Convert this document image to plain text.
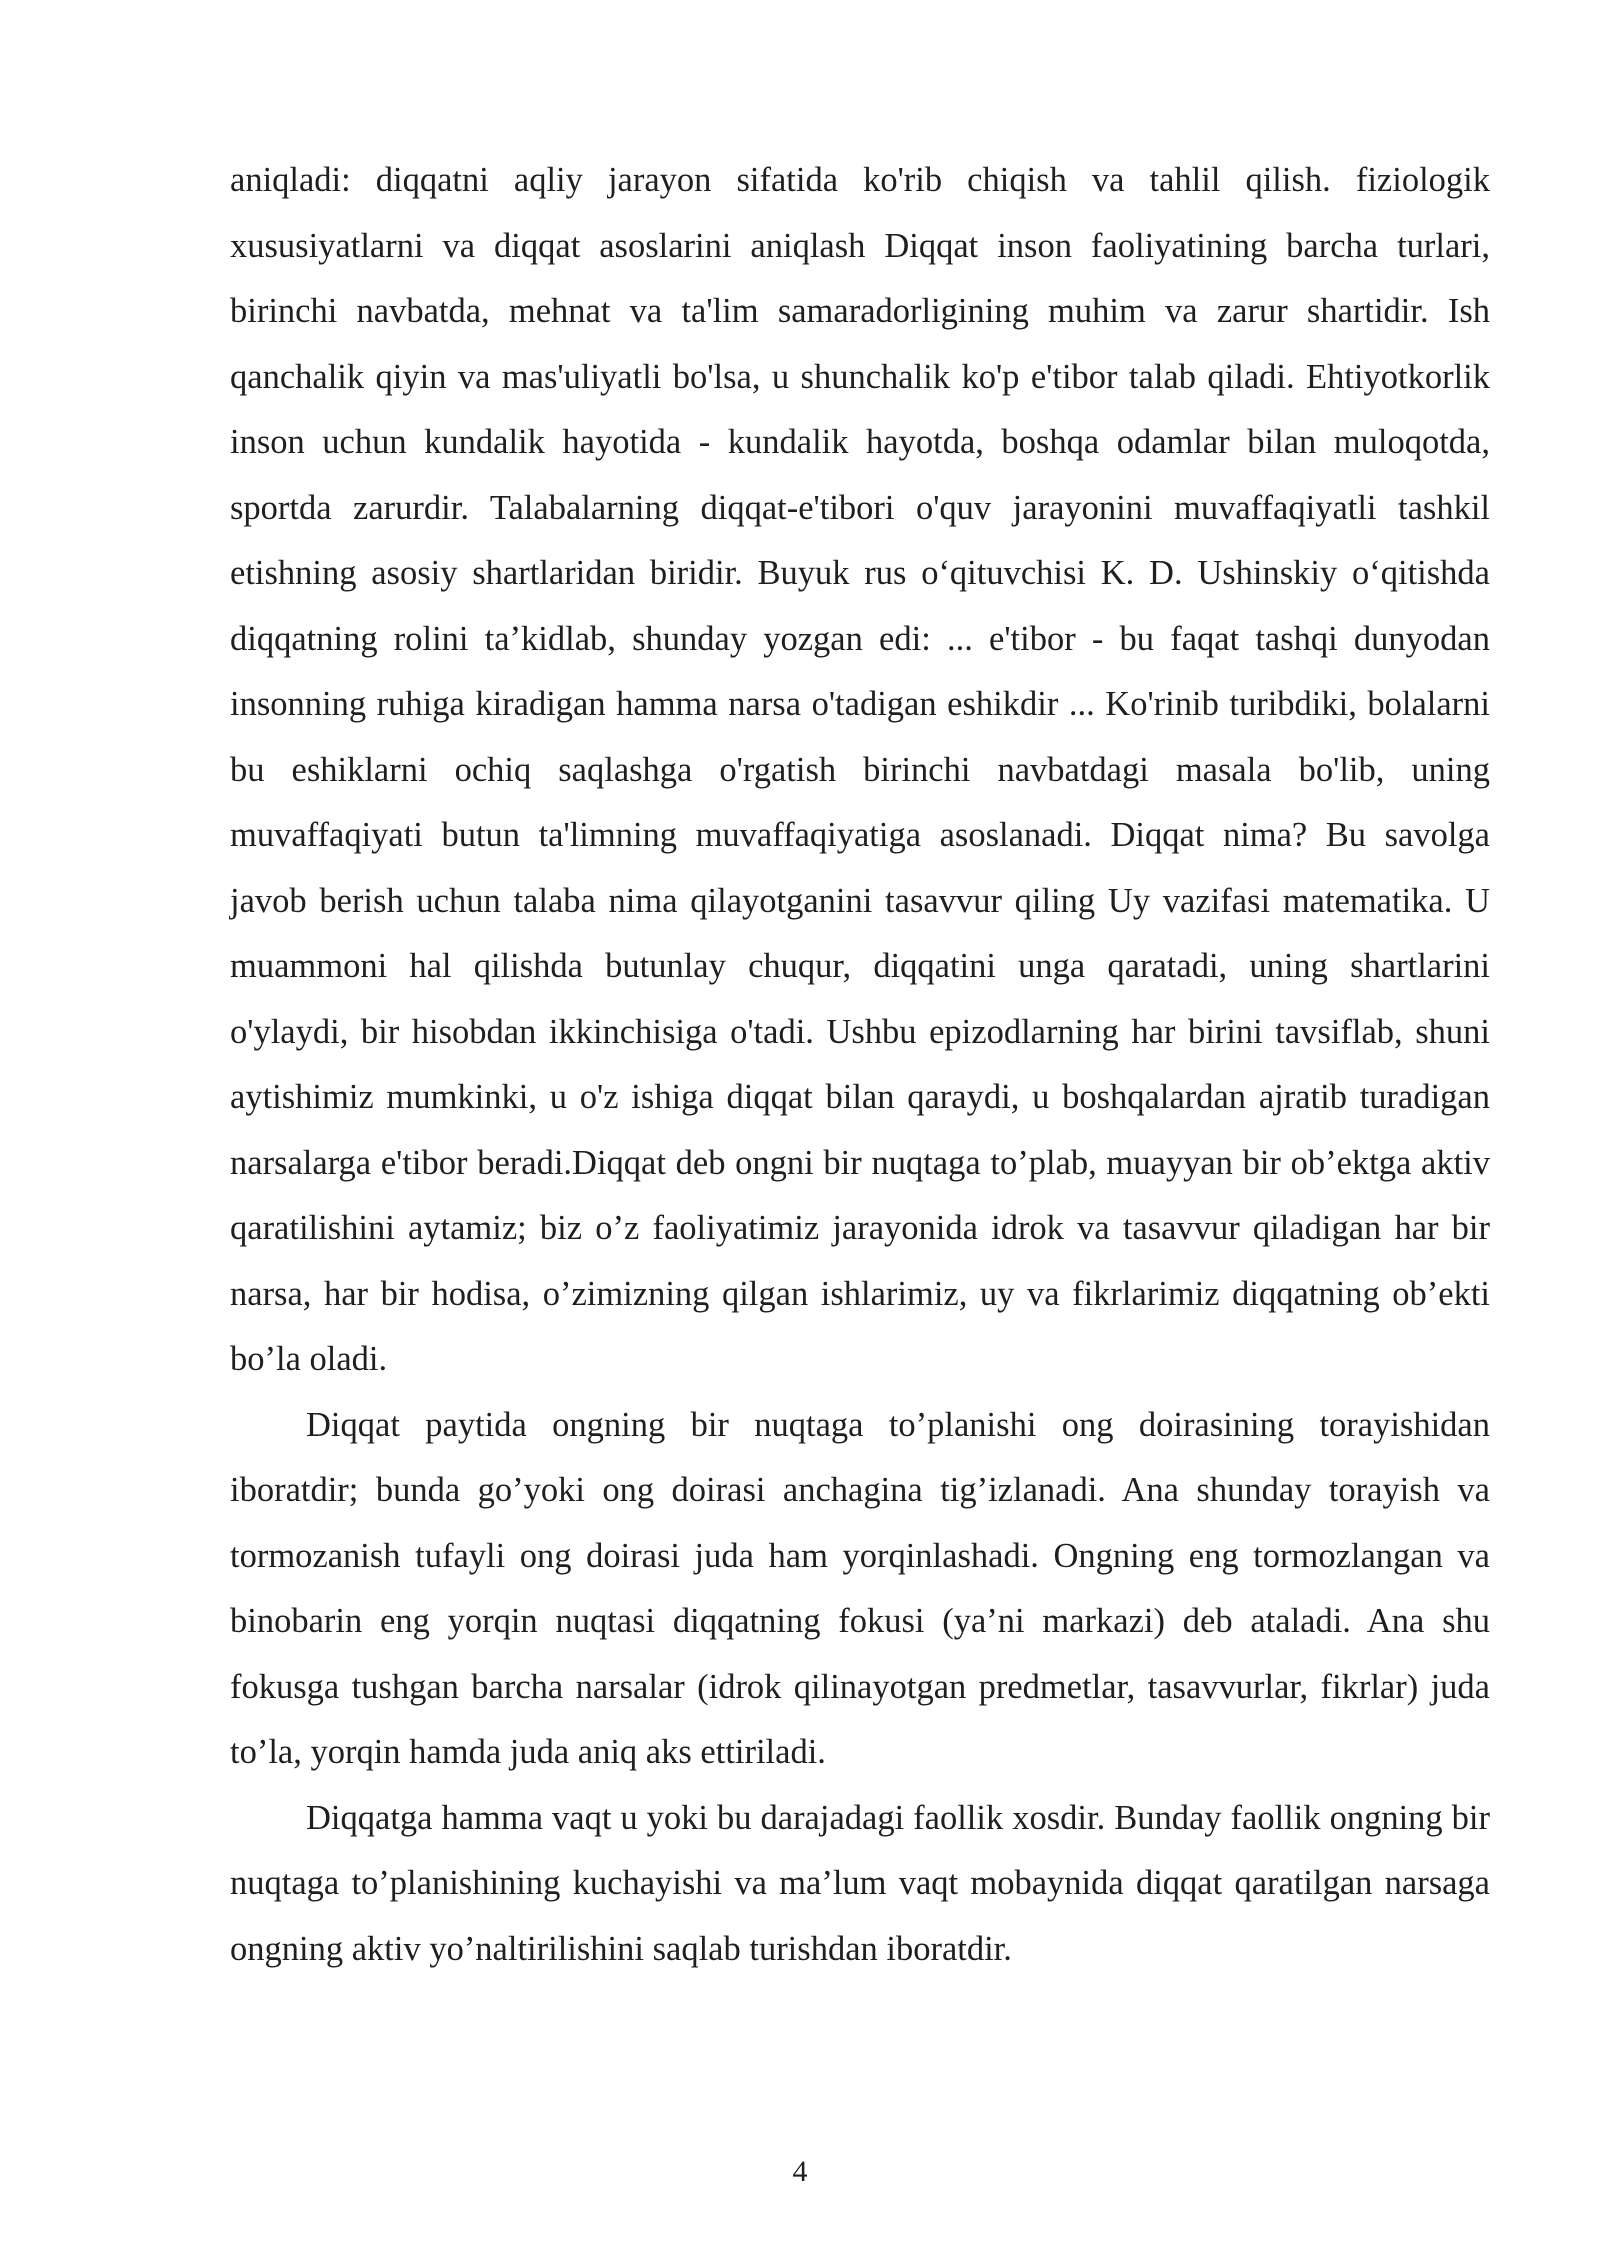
aniqladi: diqqatni aqliy jarayon sifatida ko'rib chiqish va tahlil qilish. fiziologik xususiyatlarni va diqqat asoslarini aniqlash Diqqat inson faoliyatining barcha turlari, birinchi navbatda, mehnat va ta'lim samaradorligining muhim va zarur shartidir. Ish qanchalik qiyin va mas'uliyatli bo'lsa, u shunchalik ko'p e'tibor talab qiladi. Ehtiyotkorlik inson uchun kundalik hayotida - kundalik hayotda, boshqa odamlar bilan muloqotda, sportda zarurdir. Talabalarning diqqat-e'tibori o'quv jarayonini muvaffaqiyatli tashkil etishning asosiy shartlaridan biridir. Buyuk rus oʻqituvchisi K. D. Ushinskiy oʻqitishda diqqatning rolini taʼkidlab, shunday yozgan edi: ... e'tibor - bu faqat tashqi dunyodan insonning ruhiga kiradigan hamma narsa o'tadigan eshikdir ... Ko'rinib turibdiki, bolalarni bu eshiklarni ochiq saqlashga o'rgatish birinchi navbatdagi masala bo'lib, uning muvaffaqiyati butun ta'limning muvaffaqiyatiga asoslanadi. Diqqat nima? Bu savolga javob berish uchun talaba nima qilayotganini tasavvur qiling Uy vazifasi matematika. U muammoni hal qilishda butunlay chuqur, diqqatini unga qaratadi, uning shartlarini o'ylaydi, bir hisobdan ikkinchisiga o'tadi. Ushbu epizodlarning har birini tavsiflab, shuni aytishimiz mumkinki, u o'z ishiga diqqat bilan qaraydi, u boshqalardan ajratib turadigan narsalarga e'tibor beradi.Diqqat deb ongni bir nuqtaga to’plab, muayyan bir ob’ektga aktiv qaratilishini aytamiz; biz o’z faoliyatimiz jarayonida idrok va tasavvur qiladigan har bir narsa, har bir hodisa, o’zimizning qilgan ishlarimiz, uy va fikrlarimiz diqqatning ob’ekti bo’la oladi.

Diqqat paytida ongning bir nuqtaga to’planishi ong doirasining torayishidan iboratdir; bunda go’yoki ong doirasi anchagina tig’izlanadi. Ana shunday torayish va tormozanish tufayli ong doirasi juda ham yorqinlashadi. Ongning eng tormozlangan va binobarin eng yorqin nuqtasi diqqatning fokusi (ya’ni markazi) deb ataladi. Ana shu fokusga tushgan barcha narsalar (idrok qilinayotgan predmetlar, tasavvurlar, fikrlar) juda to’la, yorqin hamda juda aniq aks ettiriladi.

Diqqatga hamma vaqt u yoki bu darajadagi faollik xosdir. Bunday faollik ongning bir nuqtaga to’planishining kuchayishi va ma’lum vaqt mobaynida diqqat qaratilgan narsaga ongning aktiv yo’naltirilishini saqlab turishdan iboratdir.

4
